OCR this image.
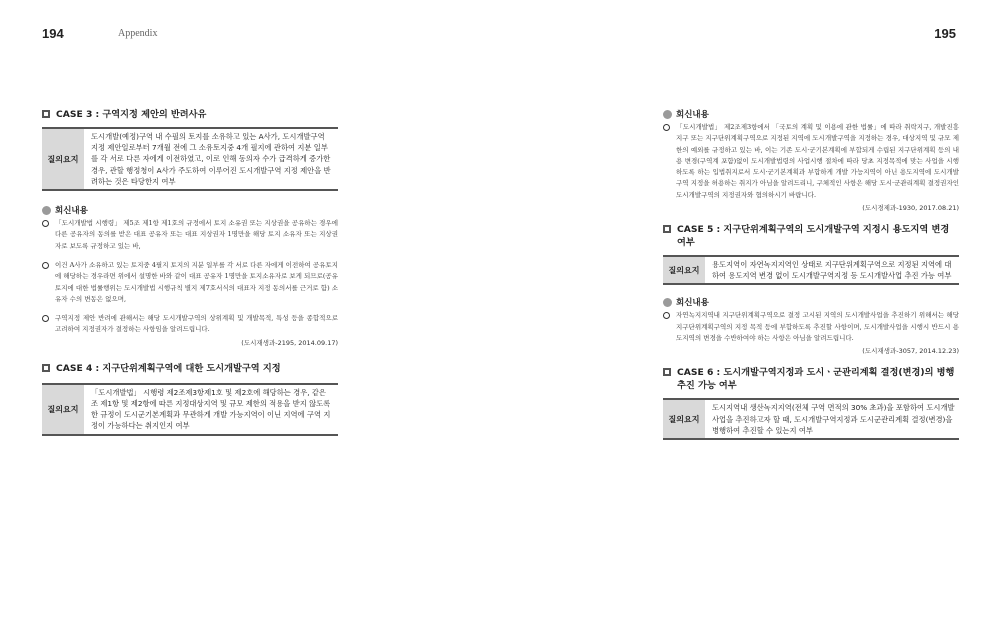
194	Appendix	195
CASE 3 : 구역지정 제안의 반려사유
질의요지
도시개발(예정)구역 내 수필의 토지를 소유하고 있는 A사가, 도시개발구역 지정 제안일로부터 7개월 전에 그 소유토지중 4개 필지에 관하여 지분 일부를 각 서로 다른 자에게 이전하였고, 이로 인해 동의자 수가 급격하게 증가한 경우, 관할 행정청이 A사가 주도하여 이루어진 도시개발구역 지정 제안을 반려하는 것은 타당한지 여부
회신내용
「도시개발법 시행령」 제5조 제1항 제1호의 규정에서 토지 소유권 또는 지상권을 공유하는 경우에 다른 공유자의 동의를 받은 대표 공유자 또는 대표 지상권자 1명만을 해당 토지 소유자 또는 지상권자로 보도록 규정하고 있는 바,
이건 A사가 소유하고 있는 토지중 4필지 토지의 지분 일부를 각 서로 다른 자에게 이전하여 공유토지에 해당하는 경우라면 위에서 설명한 바와 같이 대표 공유자 1명만을 토지소유자로 보게 되므로(공유토지에 대한 법률행위는 도시개발법 시행규칙 별지 제7호서식의 대표자 지정 동의서를 근거로 함) 소유자 수의 변동은 없으며,
구역지정 제안 반려에 관해서는 해당 도시개발구역의 상위계획 및 개발목적, 특성 등을 종합적으로 고려하여 지정권자가 결정하는 사항임을 알려드립니다.
(도시재생과-2195, 2014.09.17)
CASE 4 : 지구단위계획구역에 대한 도시개발구역 지정
질의요지
「도시개발법」 시행령 제2조제3항제1호 및 제2호에 해당하는 경우, 같은 조 제1항 및 제2항에 따른 지정대상지역 및 규모 제한의 적용을 받지 않도록 한 규정이 도시군기본계획과 무관하게 개발 가능지역이 이닌 지역에 구역 지정이 가능하다는 취지인지 여부
회신내용
「도시개발법」 제2조제3항에서 「국토의 계획 및 이용에 관한 법률」에 따라 취락지구, 개발진흥지구 또는 지구단위계획구역으로 지정된 지역에 도시개발구역을 지정하는 경우, 대상지역 및 규모 제한의 예외를 규정하고 있는 바, 이는 기존 도시·군기본계획에 부합되게 수립된 지구단위계획 등의 내용 변경(구역계 포함)없이 도시개발법령의 사업시행 절차에 따라 당초 지정목적에 맞는 사업을 시행하도록 하는 입법취지로서 도시·군기본계획과 부합하게 개발 가능지역이 아닌 용도지역에 도시개발구역 지정을 허용하는 취지가 아님을 알려드리니, 구체적인 사항은 해당 도시·군관리계획 결정권자인 도시개발구역의 지정권자와 협의하시기 바랍니다.
(도시경제과-1930, 2017.08.21)
CASE 5 : 지구단위계획구역의 도시개발구역 지정시 용도지역 변경 여부
질의요지
용도지역이 자연녹지지역인 상태로 지구단위계획구역으로 지정된 지역에 대하여 용도지역 변경 없이 도시개발구역지정 등 도시개발사업 추진 가능 여부
회신내용
자연녹지지역내 지구단위계획구역으로 결정 고시된 지역의 도시개발사업을 추진하기 위해서는 해당 지구단위계획구역의 지정 목적 등에 부합하도록 추진할 사항이며, 도시개발사업을 시행시 반드시 용도지역의 변경을 수반하여야 하는 사항은 아님을 알려드립니다.
(도시재생과-3057, 2014.12.23)
CASE 6 : 도시개발구역지정과 도시ㆍ군관리계획 결정(변경)의 병행 추진 가능 여부
질의요지
도시지역내 생산녹지지역(전체 구역 면적의 30% 초과)을 포함하여 도시개발사업을 추진하고자 할 때, 도시개발구역지정과 도시군관리계획 결정(변경)을 병행하여 추진할 수 있는지 여부
